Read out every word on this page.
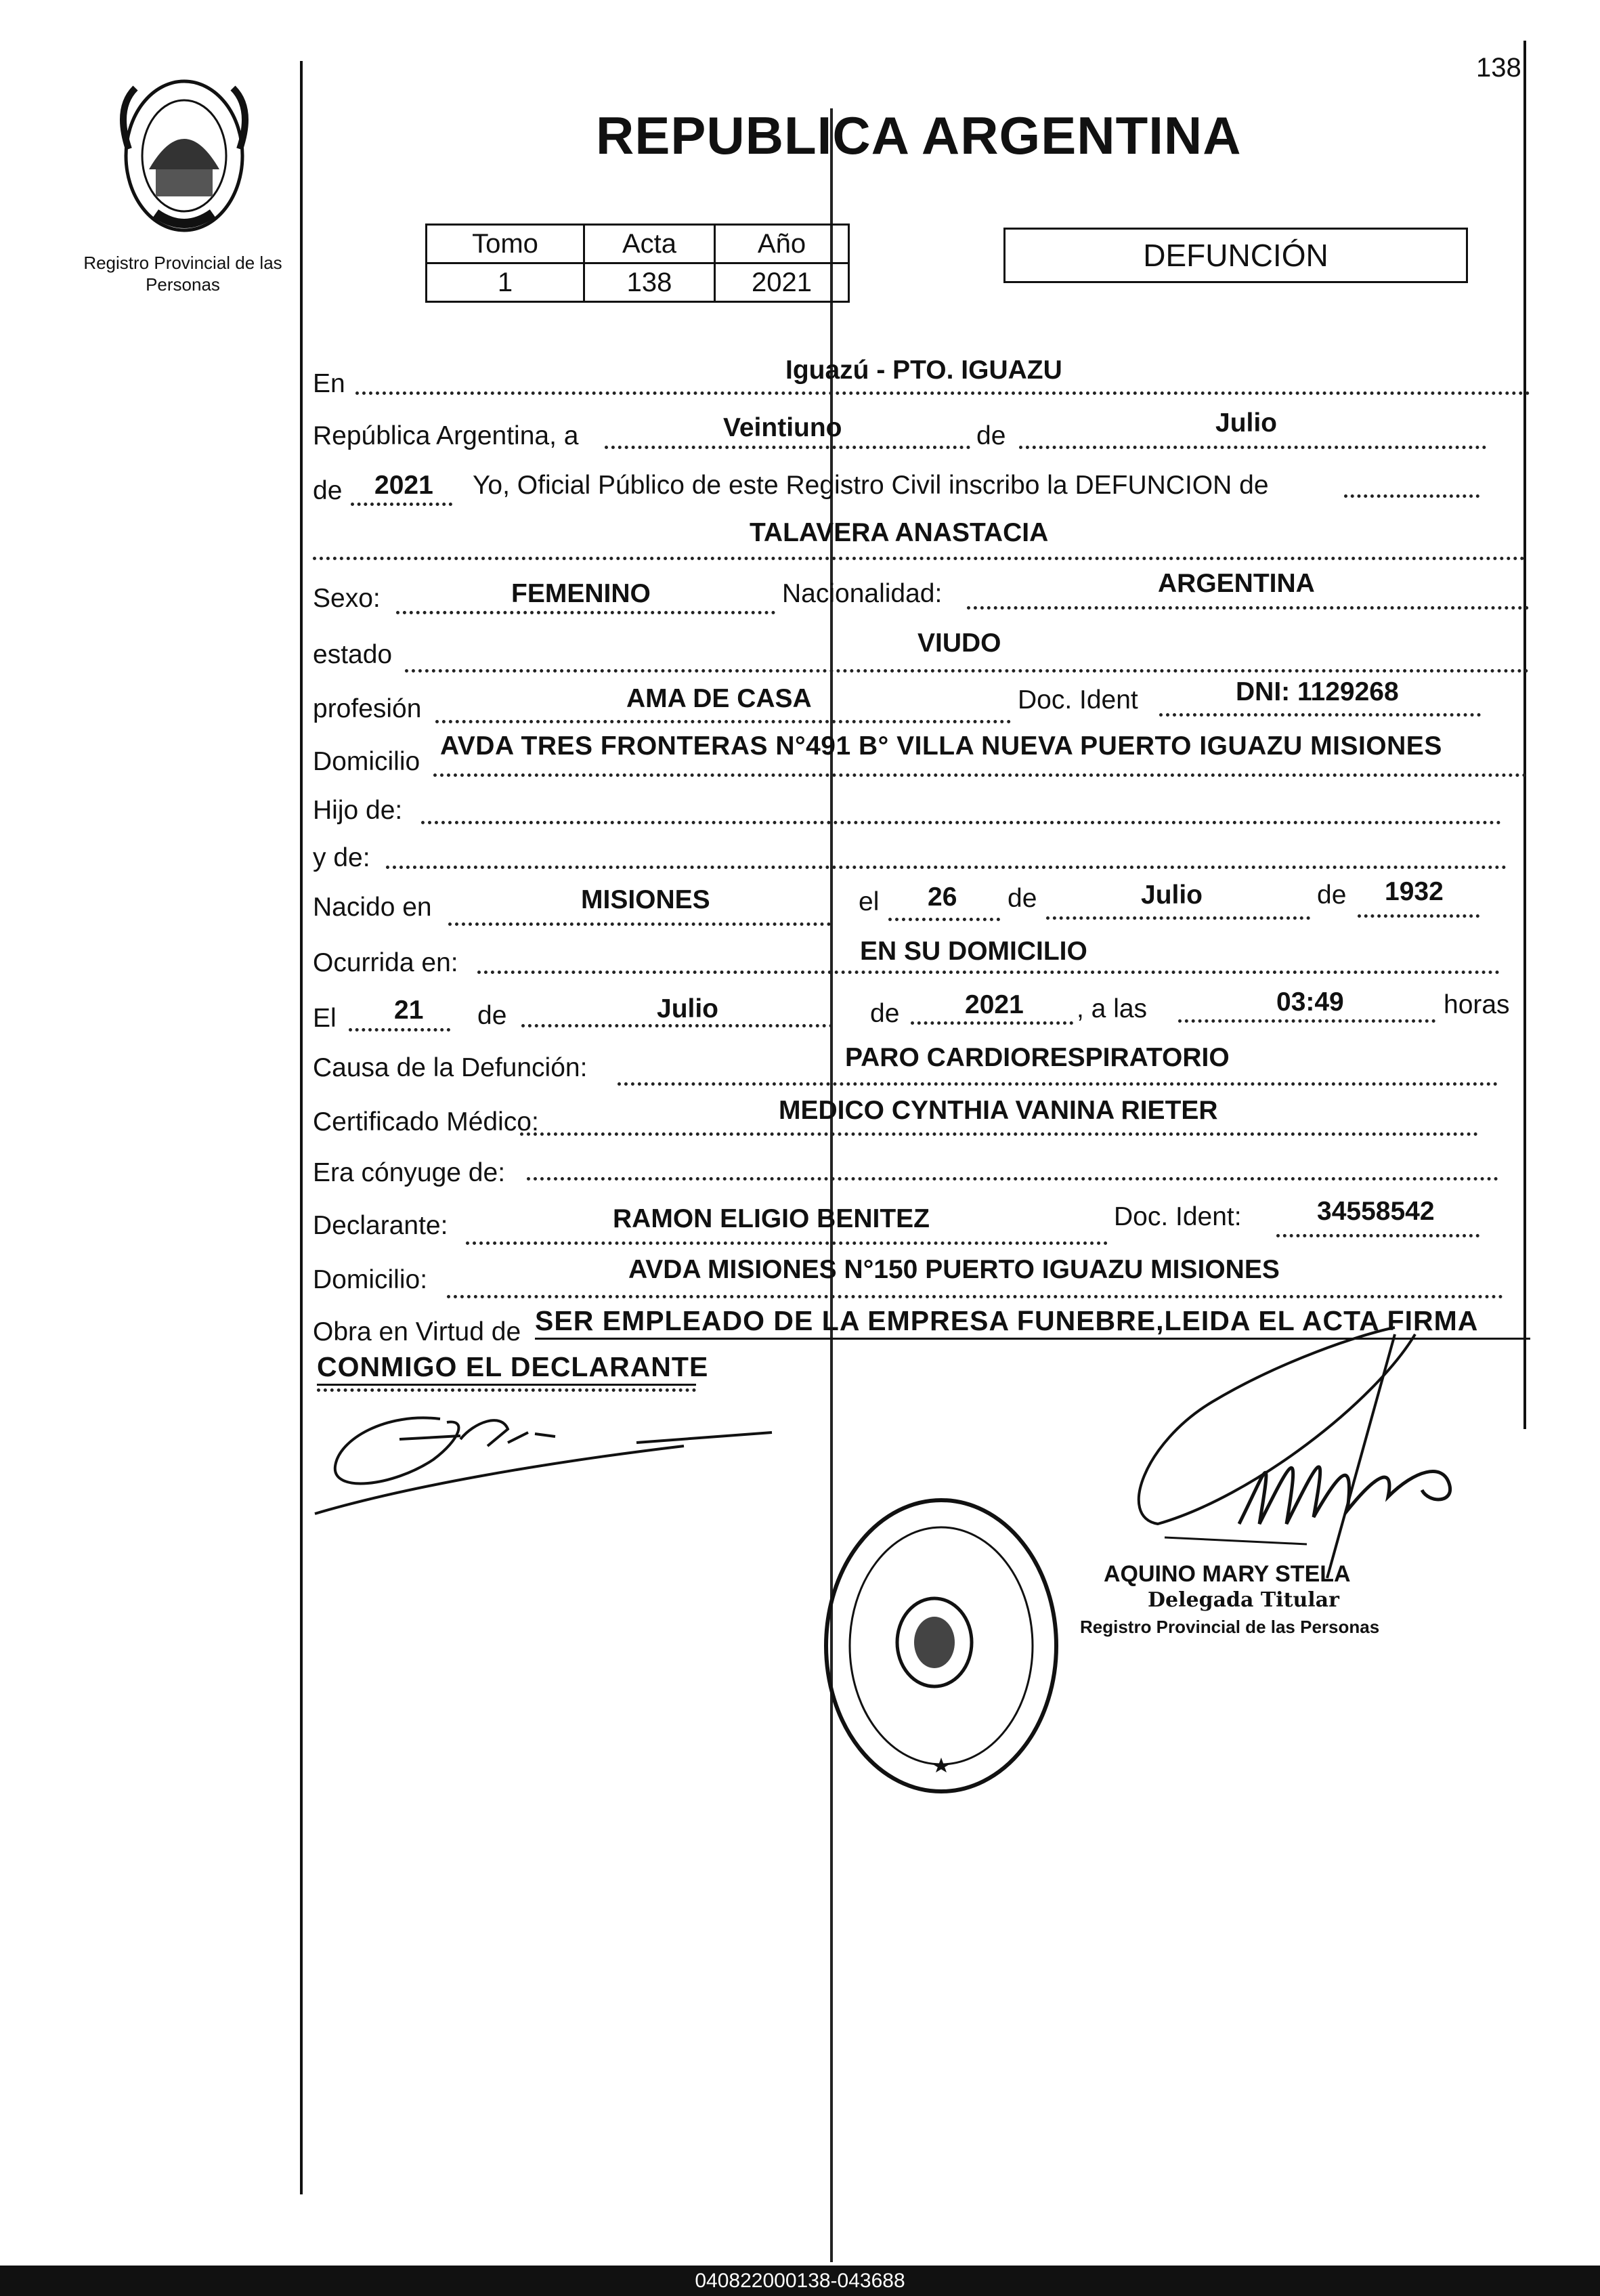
Registro Provincial de las Personas
138
REPUBLICA ARGENTINA
Tomo	Acta	Año
1	138	2021
DEFUNCIÓN
En	Iguazú - PTO. IGUAZU
República Argentina, a	Veintiuno	de	Julio
de 2021 Yo, Oficial Público de este Registro Civil inscribo la DEFUNCION de
TALAVERA ANASTACIA
Sexo:	FEMENINO	Nacionalidad:	ARGENTINA
estado	VIUDO
profesión	AMA DE CASA	Doc. Ident	DNI: 1129268
Domicilio
AVDA TRES FRONTERAS N°491 B° VILLA NUEVA PUERTO IGUAZU MISIONES
Hijo de:
y de:
Nacido en	MISIONES	el 26 de	Julio	de 1932
Ocurrida en:	EN SU DOMICILIO
El 21 de	Julio	de 2021 , a las	03:49	horas
Causa de la Defunción:	PARO CARDIORESPIRATORIO
Certificado Médico:	MEDICO CYNTHIA VANINA RIETER
Era cónyuge de:
Declarante:	RAMON ELIGIO BENITEZ	Doc. Ident:	34558542
Domicilio:	AVDA MISIONES N°150 PUERTO IGUAZU MISIONES
Obra en Virtud de SER EMPLEADO DE LA EMPRESA FUNEBRE,LEIDA EL ACTA FIRMA
CONMIGO EL DECLARANTE
AQUINO MARY STELA
Delegada Titular
Registro Provincial de las Personas
040822000138-043688
